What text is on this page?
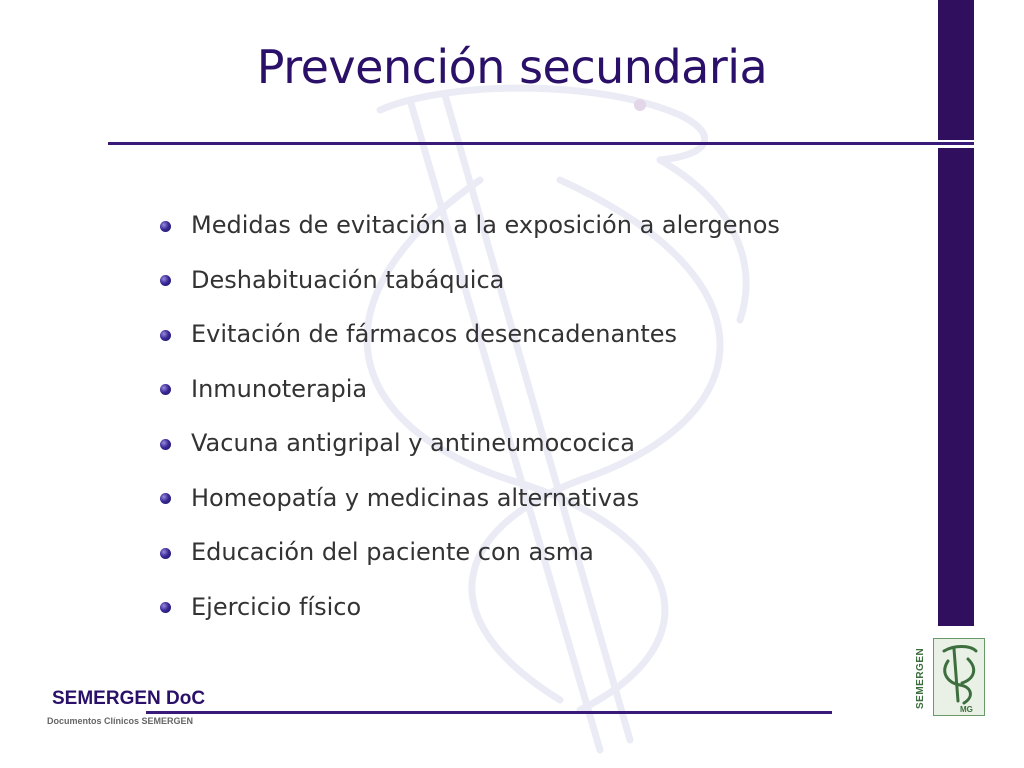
Prevención secundaria
Medidas de evitación a la exposición a alergenos
Deshabituación tabáquica
Evitación de fármacos desencadenantes
Inmunoterapia
Vacuna antigripal y antineumococica
Homeopatía y medicinas alternativas
Educación del paciente con asma
Ejercicio físico
SEMERGEN DoC
Documentos Clínicos SEMERGEN
SEMERGEN
MG
